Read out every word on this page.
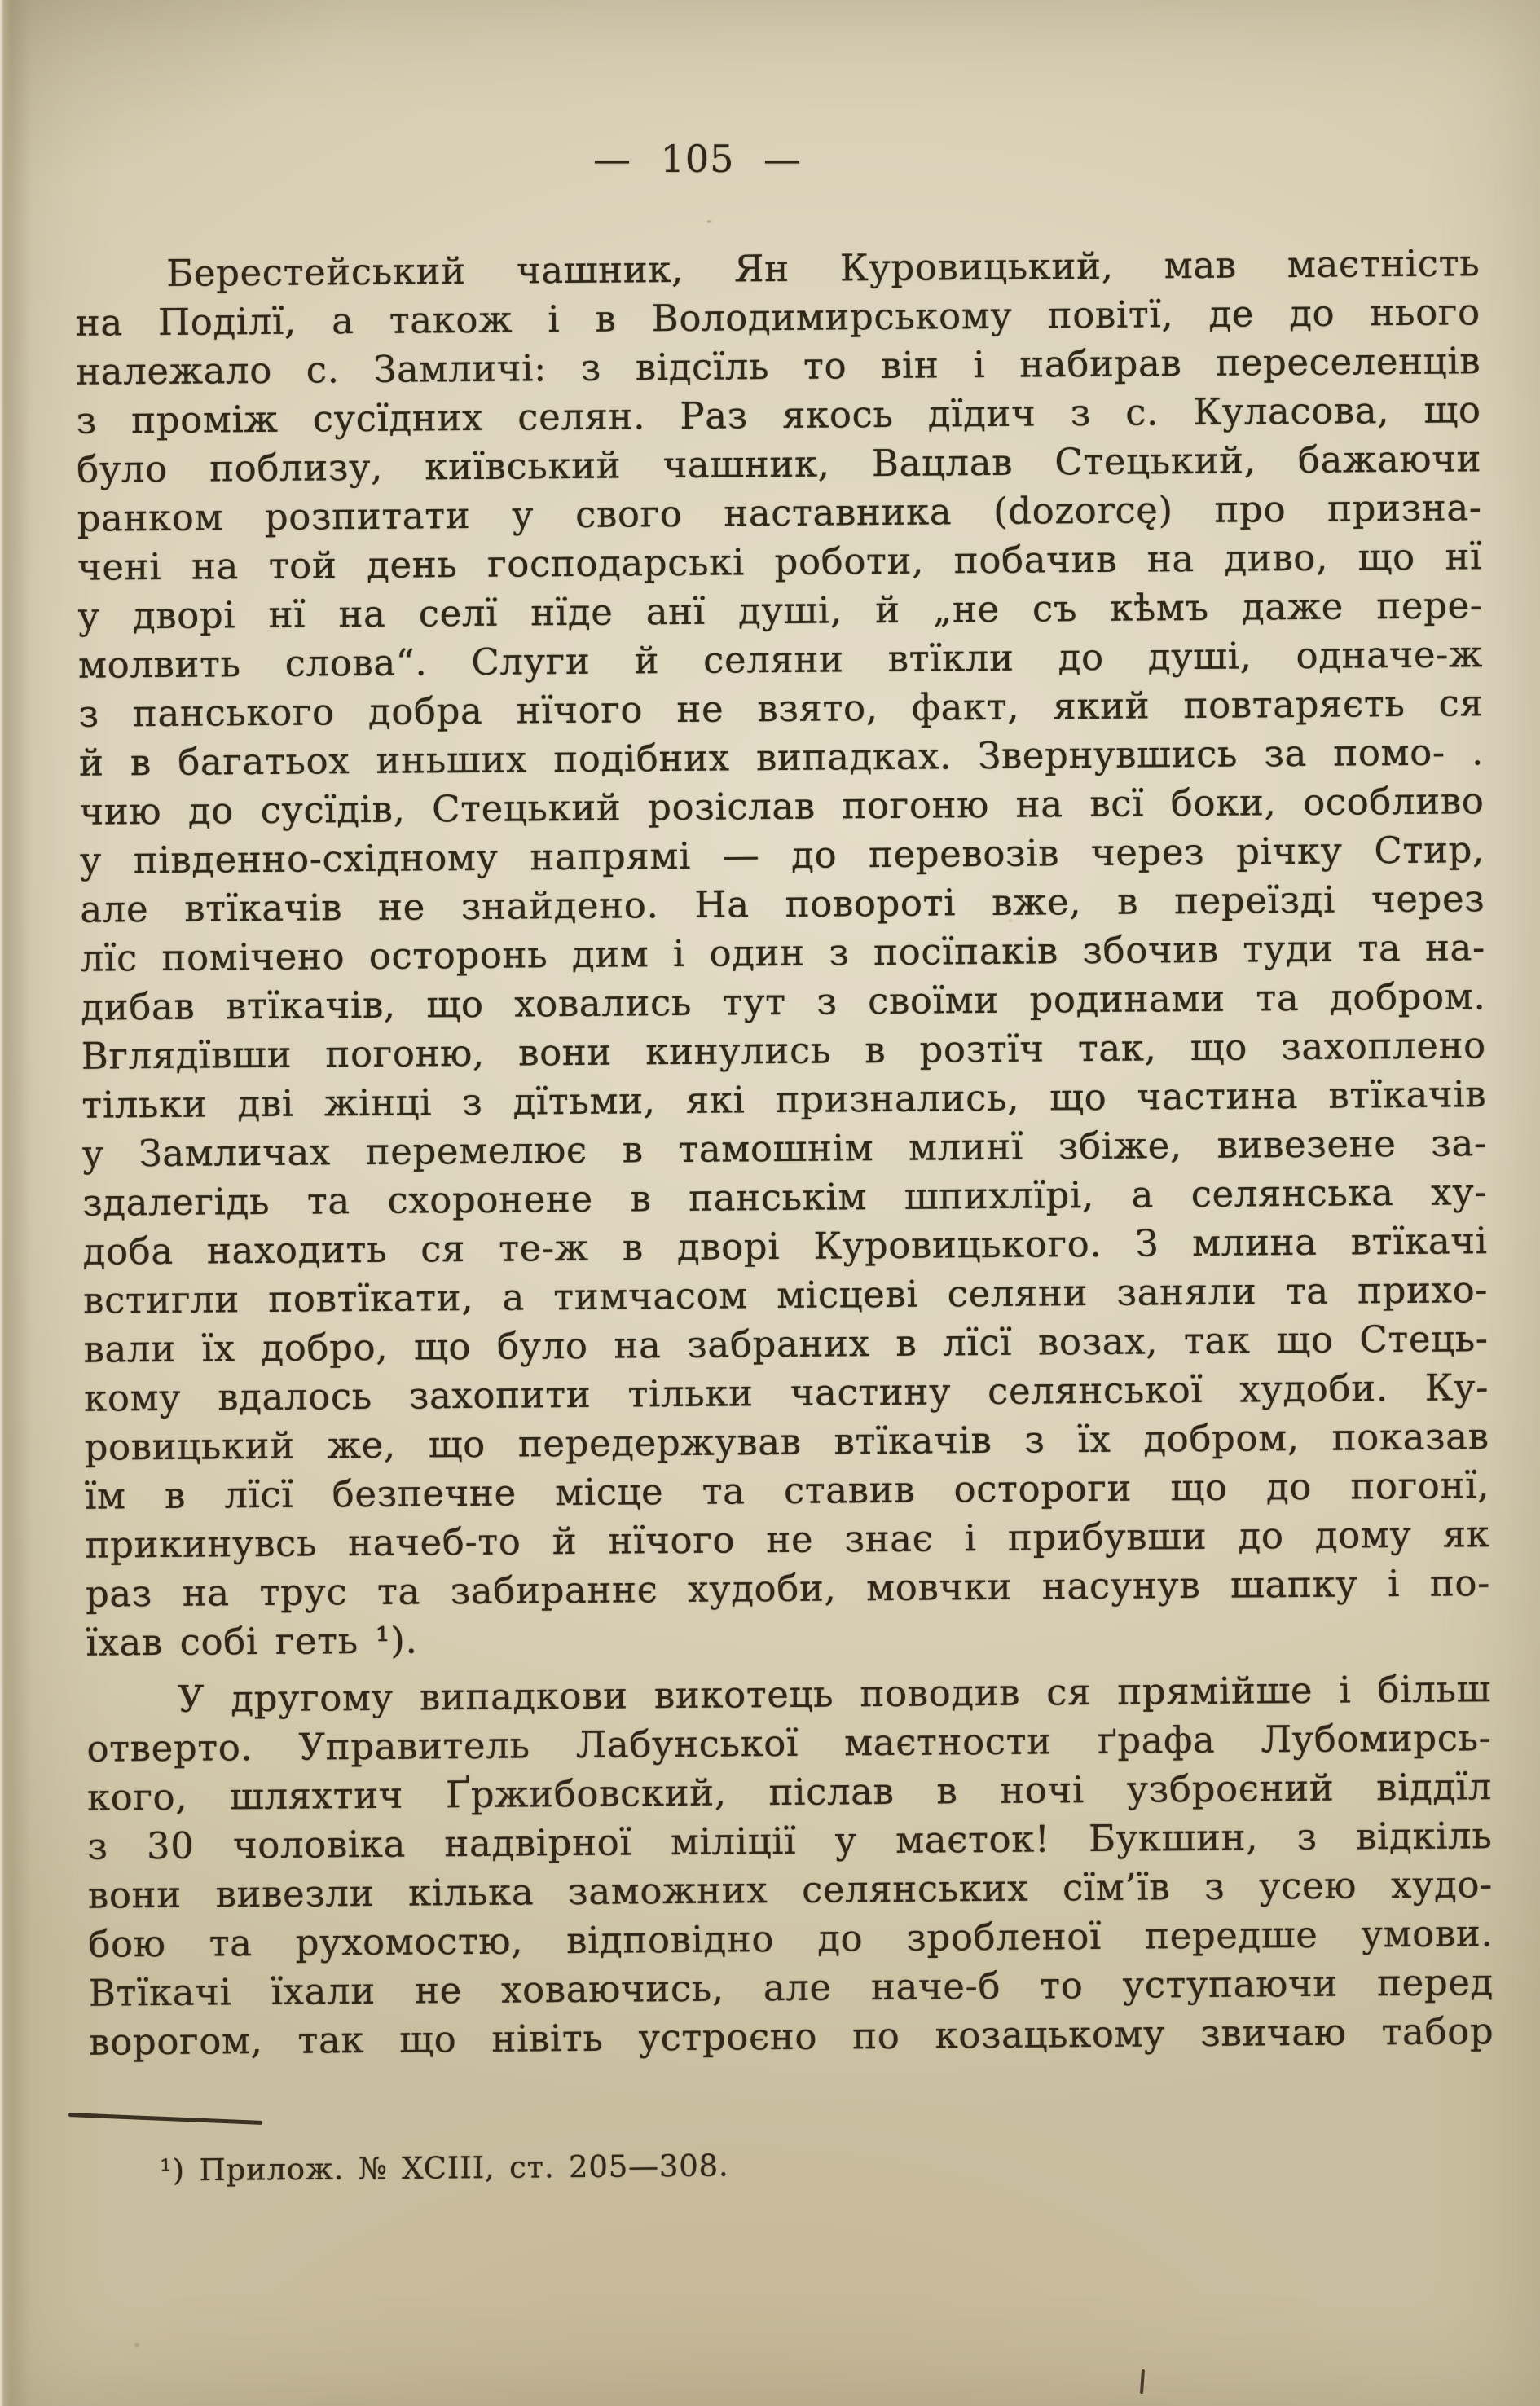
— 105 —
Берестейський чашник, Ян Куровицький, мав маєтність
на Поділї, а також і в Володимирському повітї, де до нього
належало с. Замличі: з відсїль то він і набирав переселенців
з проміж сусїдних селян. Раз якось дїдич з с. Куласова, що
було поблизу, київський чашник, Вацлав Стецький, бажаючи
ранком розпитати у свого наставника (dozorcę) про призна-
чені на той день господарські роботи, побачив на диво, що нї
у дворі нї на селї нїде анї душі, й „не съ кѣмъ даже пере-
молвить слова“. Слуги й селяни втїкли до душі, одначе-ж
з панського добра нїчого не взято, факт, який повтаряєть ся
й в багатьох иньших подібних випадках. Звернувшись за помо- .
чию до сусїдів, Стецький розіслав погоню на всї боки, особливо
у південно-східному напрямі — до перевозів через річку Стир,
але втїкачів не знайдено. На повороті вже, в переїзді через
лїс помічено осторонь дим і один з посїпаків збочив туди та на-
дибав втїкачів, що ховались тут з своїми родинами та добром.
Вглядївши погоню, вони кинулись в розтїч так, що захоплено
тільки дві жінці з дїтьми, які признались, що частина втїкачів
у Замличах перемелює в тамошнім млинї збіже, вивезене за-
здалегідь та схоронене в панськім шпихлїрі, а селянська ху-
доба находить ся те-ж в дворі Куровицького. З млина втїкачі
встигли повтїкати, а тимчасом місцеві селяни заняли та прихо-
вали їх добро, що було на забраних в лїсї возах, так що Стець-
кому вдалось захопити тільки частину селянської худоби. Ку-
ровицький же, що передержував втїкачів з їх добром, показав
їм в лїсї безпечне місце та ставив остороги що до погонї,
прикинувсь начеб-то й нїчого не знає і прибувши до дому як
раз на трус та забираннє худоби, мовчки насунув шапку і по-
їхав собі геть ¹).
У другому випадкови викотець поводив ся прямійше і більш
отверто. Управитель Лабунської маєтности ґрафа Лубомирсь-
кого, шляхтич Ґржибовский, післав в ночі узброєний віддїл
з 30 чоловіка надвірної міліції у маєток! Букшин, з відкіль
вони вивезли кілька заможних селянських сїм’їв з усею худо-
бою та рухомостю, відповідно до зробленої передше умови.
Втїкачі їхали не ховаючись, але наче-б то уступаючи перед
ворогом, так що нівіть устроєно по козацькому звичаю табор
¹) Прилож. № XCIII, ст. 205—308.
